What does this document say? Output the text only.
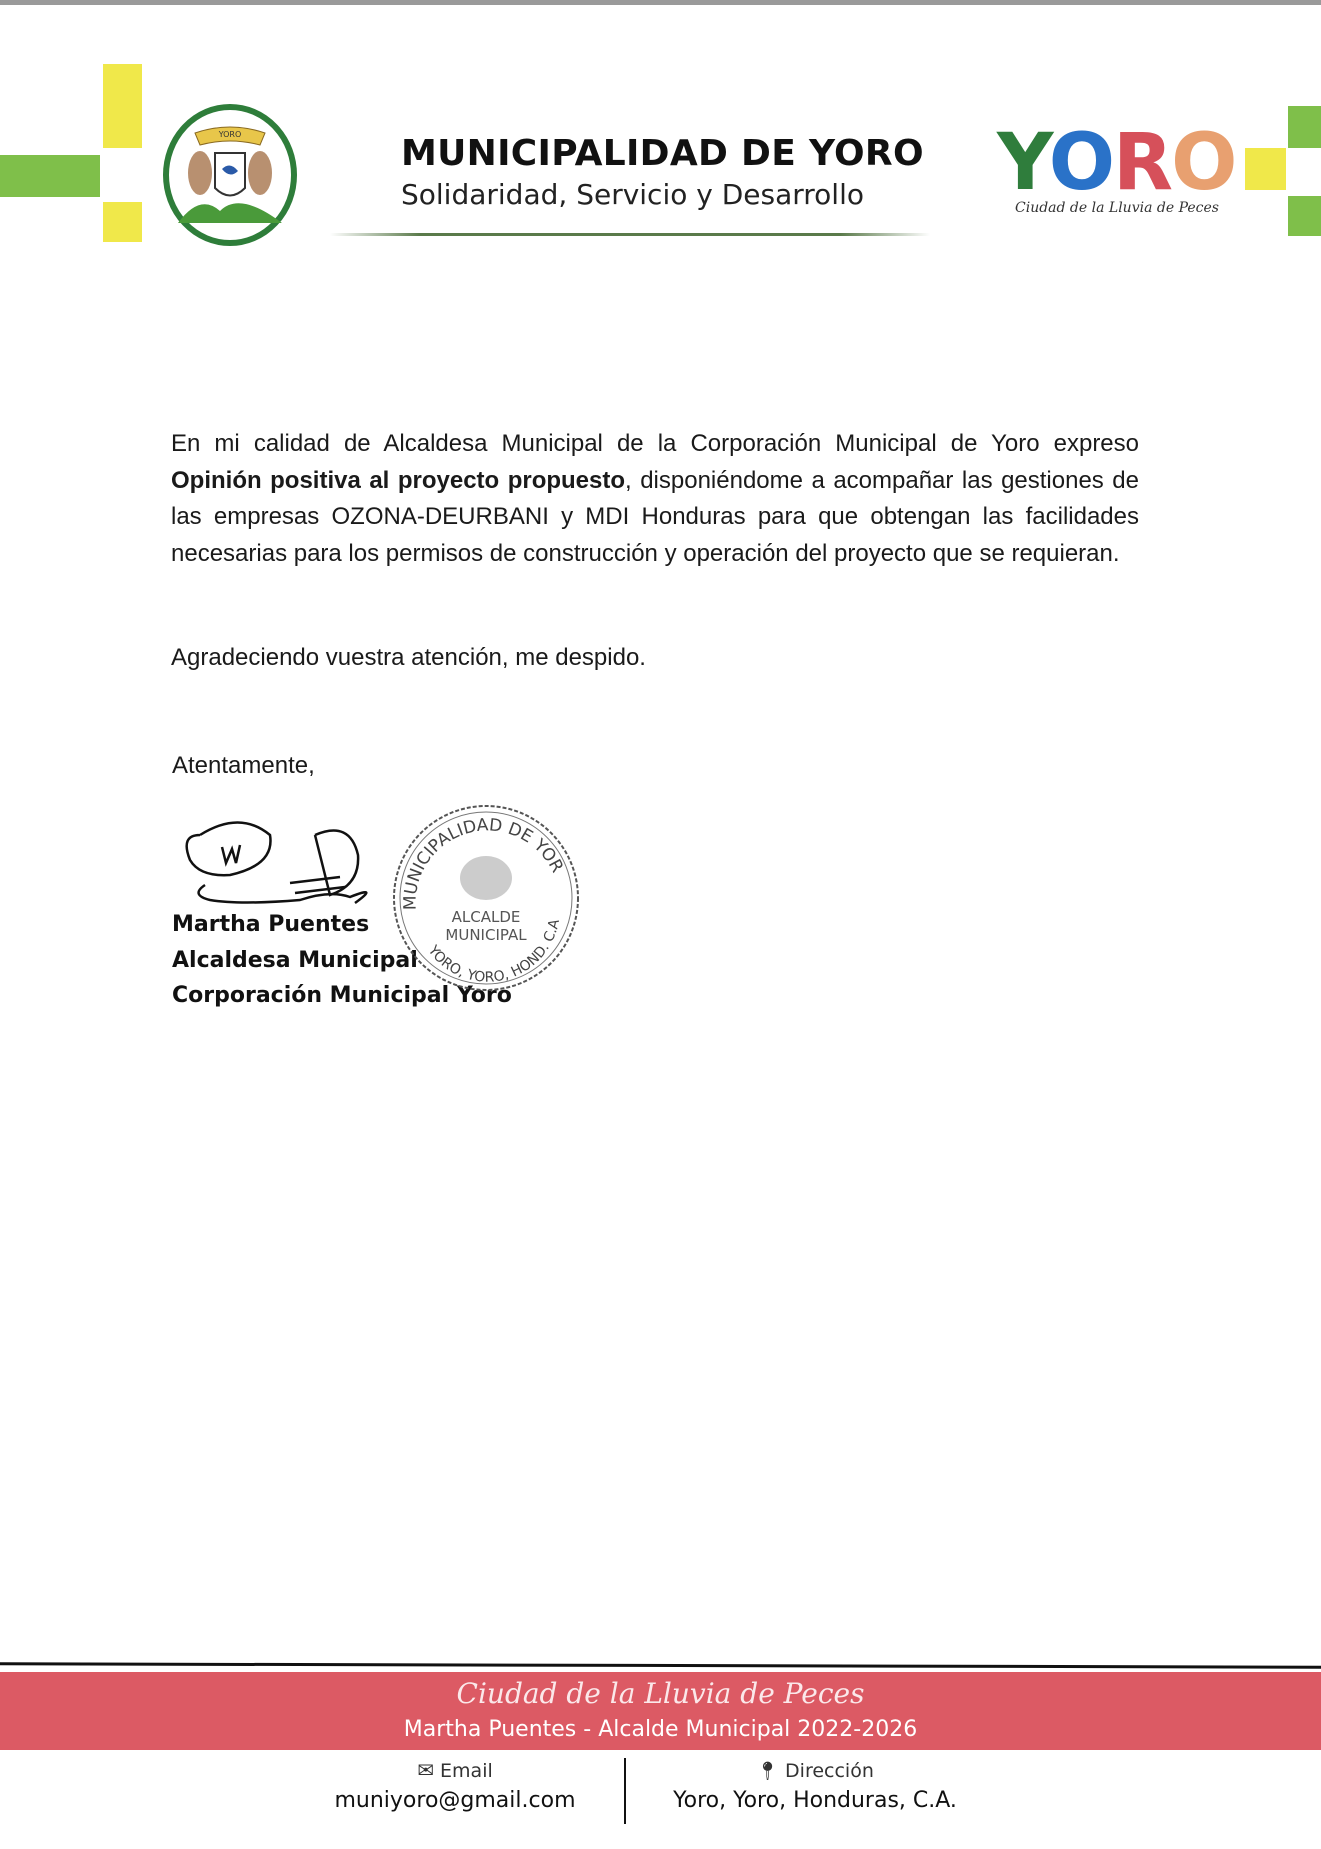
YORO	MUNICIPALIDAD DE YORO
Solidaridad, Servicio y Desarrollo YORO
Ciudad de la Lluvia de Peces
En mi calidad de Alcaldesa Municipal de la Corporación Municipal de Yoro expreso Opinión positiva al proyecto propuesto, disponiéndome a acompañar las gestiones de las empresas OZONA-DEURBANI y MDI Honduras para que obtengan las facilidades necesarias para los permisos de construcción y operación del proyecto que se requieran.
Agradeciendo vuestra atención, me despido.
Atentamente,
Martha Puentes
Alcaldesa Municipal
Corporación Municipal Yoro
MUNICIPALIDAD DE YOR
YORO, YORO, HOND. C.A
ALCALDE
MUNICIPAL
Ciudad de la Lluvia de Peces
Martha Puentes - Alcalde Municipal 2022-2026
✉ Email
muniyoro@gmail.com
📍︎ Dirección
Yoro, Yoro, Honduras, C.A.
